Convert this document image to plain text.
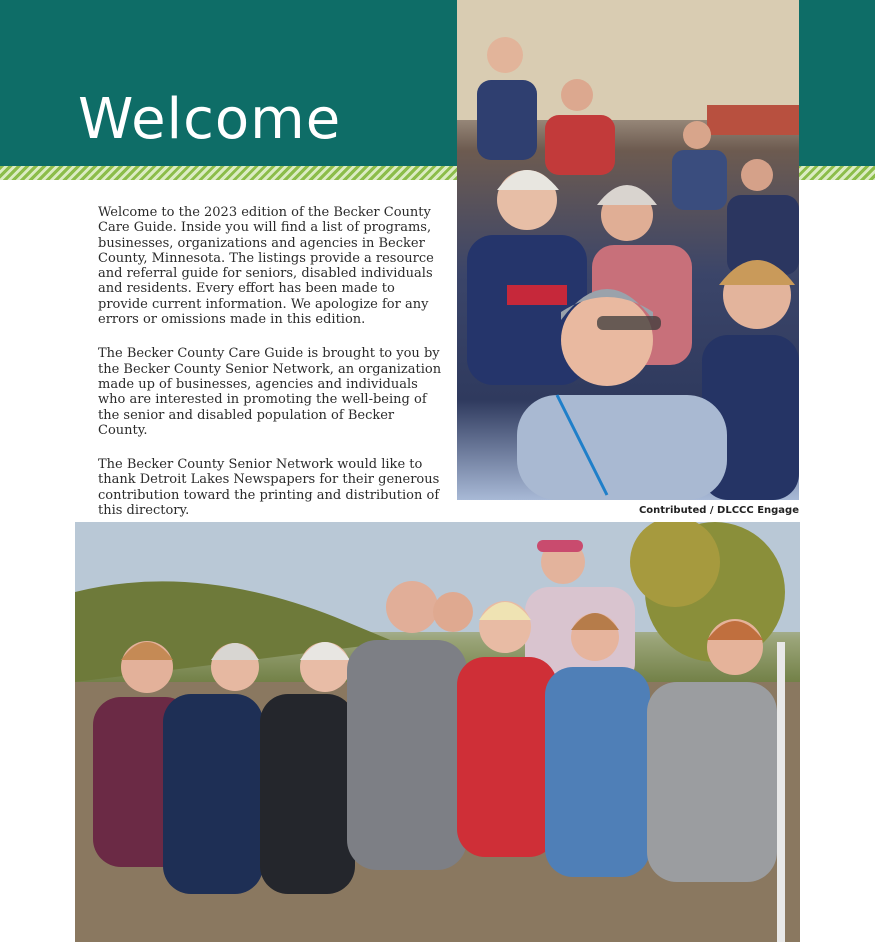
Welcome

Welcome to the 2023 edition of the Becker County Care Guide. Inside you will find a list of programs, businesses, organizations and agencies in Becker County, Minnesota. The listings provide a resource and referral guide for seniors, disabled individuals and residents. Every effort has been made to provide current information. We apologize for any errors or omissions made in this edition.

The Becker County Care Guide is brought to you by the Becker County Senior Network, an organization made up of businesses, agencies and individuals who are interested in promoting the well-being of the senior and disabled population of Becker County.

The Becker County Senior Network would like to thank Detroit Lakes Newspapers for their generous contribution toward the printing and distribution of this directory.	Contributed / DLCCC Engage
